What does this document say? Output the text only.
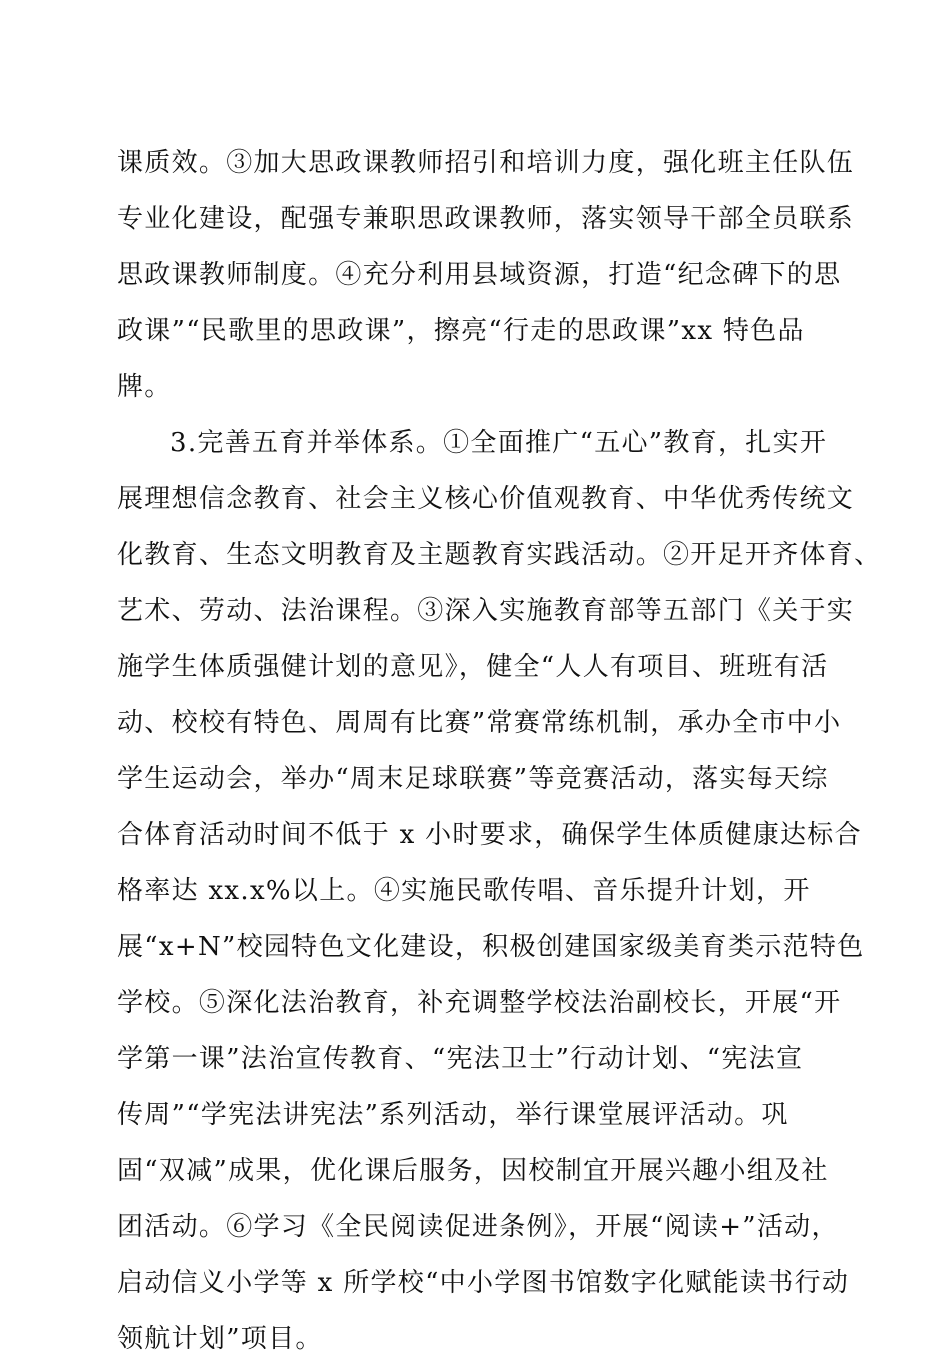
课质效。③加大思政课教师招引和培训力度，强化班主任队伍
专业化建设，配强专兼职思政课教师，落实领导干部全员联系
思政课教师制度。④充分利用县域资源，打造“纪念碑下的思
政课”“民歌里的思政课”，擦亮“行走的思政课”xx 特色品
牌。
3.完善五育并举体系。①全面推广“五心”教育，扎实开
展理想信念教育、社会主义核心价值观教育、中华优秀传统文
化教育、生态文明教育及主题教育实践活动。②开足开齐体育、
艺术、劳动、法治课程。③深入实施教育部等五部门《关于实
施学生体质强健计划的意见》，健全“人人有项目、班班有活
动、校校有特色、周周有比赛”常赛常练机制，承办全市中小
学生运动会，举办“周末足球联赛”等竞赛活动，落实每天综
合体育活动时间不低于 x 小时要求，确保学生体质健康达标合
格率达 xx.x%以上。④实施民歌传唱、音乐提升计划，开
展“x+N”校园特色文化建设，积极创建国家级美育类示范特色
学校。⑤深化法治教育，补充调整学校法治副校长，开展“开
学第一课”法治宣传教育、“宪法卫士”行动计划、“宪法宣
传周”“学宪法讲宪法”系列活动，举行课堂展评活动。巩
固“双减”成果，优化课后服务，因校制宜开展兴趣小组及社
团活动。⑥学习《全民阅读促进条例》，开展“阅读+”活动，
启动信义小学等 x 所学校“中小学图书馆数字化赋能读书行动
领航计划”项目。
